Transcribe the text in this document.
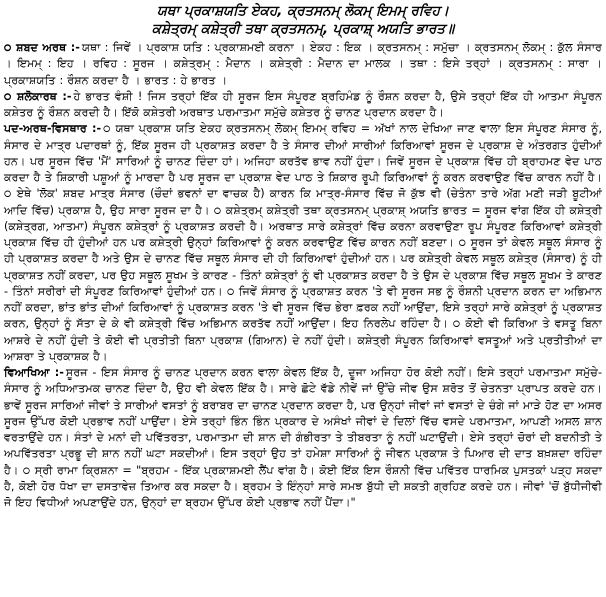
ਯਥਾ ਪ੍ਰਕਾਸ਼ਯਤਿ ਏਕਹ, ਕ੍ਰਤਸਨਮ੍ ਲੋਕਮ੍ ਇਮਮ੍ ਰਵਿਹ।
ਕਸ਼ੇਤ੍ਰਮ੍ ਕਸ਼ੇਤ੍ਰੀ ਤਥਾ ਕ੍ਰਤਸਨਮ੍, ਪ੍ਰਕਾਸ਼੍ ਅਯਤਿ ਭਾਰਤ॥
੦ ਸ਼ਬਦ ਅਰਥ :- ਯਥਾ : ਜਿਵੇਂ । ਪ੍ਰਕਾਸ਼ ਯਤਿ : ਪ੍ਰਕਾਸ਼ਮਈ ਕਰਨਾ । ਏਕਹ : ਇਕ । ਕ੍ਰਤਸਨਮ੍ : ਸਮੁੱਚਾ । ਕ੍ਰਤਸਨਮ੍ ਲੋਕਮ੍ : ਕੁੱਲ ਸੰਸਾਰ । ਇਮਮ੍ : ਇਹ । ਰਵਿਹ : ਸੂਰਜ । ਕਸ਼ੇਤ੍ਰਮ੍ : ਮੈਦਾਨ । ਕਸ਼ੇਤ੍ਰੀ : ਮੈਦਾਨ ਦਾ ਮਾਲਕ । ਤਥਾ : ਇਸੇ ਤਰ੍ਹਾਂ । ਕ੍ਰਤਸਨਮ੍ : ਸਾਰਾ । ਪ੍ਰਕਾਸ਼ਯਤਿ : ਰੌਸ਼ਨ ਕਰਦਾ ਹੈ । ਭਾਰਤ : ਹੇ ਭਾਰਤ ।
੦ ਸ਼ਲੋਕਾਰਥ :- ਹੇ ਭਾਰਤ ਵੰਸ਼ੀ ! ਜਿਸ ਤਰ੍ਹਾਂ ਇੱਕ ਹੀ ਸੂਰਜ ਇਸ ਸੰਪੂਰਣ ਬ੍ਰਹਿਮੰਡ ਨੂੰ ਰੌਸ਼ਨ ਕਰਦਾ ਹੈ, ਉਸੇ ਤਰ੍ਹਾਂ ਇੱਕ ਹੀ ਆਤਮਾ ਸੰਪੂਰਨ ਕਸ਼ੇਤਰ ਨੂੰ ਰੌਸ਼ਨ ਕਰਦੀ ਹੈ। ਇੱਕੋ ਕਸ਼ੇਤਰੀ ਅਰਥਾਤ ਪਰਮਾਤਮਾ ਸਮੁੱਚੇ ਕਸ਼ੇਤਰ ਨੂੰ ਚਾਨਣ ਪ੍ਰਦਾਨ ਕਰਦਾ ਹੈ।
ਪਦ-ਅਰਥ-ਵਿਸਥਾਰ :- ੦ ਯਥਾ ਪ੍ਰਕਾਸ਼ ਯਤਿ ਏਕਹ ਕ੍ਰਤਸਨਮ੍ ਲੋਕਮ੍ ਇਮਮ੍ ਰਵਿਹ = ਅੱਖਾਂ ਨਾਲ ਦੇਖਿਆ ਜਾਣ ਵਾਲਾ ਇਸ ਸੰਪੂਰਣ ਸੰਸਾਰ ਨੂੰ, ਸੰਸਾਰ ਦੇ ਮਾਤ੍ਰ ਪਦਾਰਥਾਂ ਨੂੰ, ਇੱਕ ਸੂਰਜ ਹੀ ਪ੍ਰਕਾਸ਼ਤ ਕਰਦਾ ਹੈ ਤੇ ਸੰਸਾਰ ਦੀਆਂ ਸਾਰੀਆਂ ਕਿਰਿਆਵਾਂ ਸੂਰਜ ਦੇ ਪ੍ਰਕਾਸ਼ ਦੇ ਅੰਤਰਗਤ ਹੁੰਦੀਆਂ ਹਨ। ਪਰ ਸੂਰਜ ਵਿੱਚ 'ਮੈਂ' ਸਾਰਿਆਂ ਨੂੰ ਚਾਨਣ ਦਿੰਦਾ ਹਾਂ। ਅਜਿਹਾ ਕਰਤੱਵ ਭਾਵ ਨਹੀਂ ਹੁੰਦਾ। ਜਿਵੇਂ ਸੂਰਜ ਦੇ ਪ੍ਰਕਾਸ਼ ਵਿੱਚ ਹੀ ਬ੍ਰਾਹਮਣ ਵੇਦ ਪਾਠ ਕਰਦਾ ਹੈ ਤੇ ਸ਼ਿਕਾਰੀ ਪਸ਼ੂਆਂ ਨੂੰ ਮਾਰਦਾ ਹੈ ਪਰ ਸੂਰਜ ਦਾ ਪ੍ਰਕਾਸ਼ ਵੇਦ ਪਾਠ ਤੇ ਸ਼ਿਕਾਰ ਰੂਪੀ ਕਿਰਿਆਵਾਂ ਨੂੰ ਕਰਨ ਕਰਵਾਉਣ ਵਿੱਚ ਕਾਰਨ ਨਹੀਂ ਹੈ। ੦ ਏਥੇ 'ਲੋਕ' ਸ਼ਬਦ ਮਾਤ੍ਰ ਸੰਸਾਰ (ਚੌਦਾਂ ਭਵਨਾਂ ਦਾ ਵਾਚਕ ਹੈ) ਕਾਰਨ ਕਿ ਮਾਤ੍ਰ-ਸੰਸਾਰ ਵਿੱਚ ਜੋ ਕੁੱਝ ਵੀ (ਚੇਤੰਨਾ ਤਾਰੇ ਅੱਗ ਮਣੀ ਜੜੀ ਬੂਟੀਆਂ ਆਦਿ ਵਿੱਚ) ਪ੍ਰਕਾਸ਼ ਹੈ, ਉਹ ਸਾਰਾ ਸੂਰਜ ਦਾ ਹੈ। ੦ ਕਸ਼ੇਤ੍ਰਮ੍ ਕਸ਼ੇਤ੍ਰੀ ਤਥਾ ਕ੍ਰਤਸਨਮ੍ ਪ੍ਰਕਾਸ਼੍ ਅਯਤਿ ਭਾਰਤ = ਸੂਰਜ ਵਾਂਗ ਇੱਕ ਹੀ ਕਸ਼ੇਤ੍ਰੀ (ਕਸ਼ੇਤ੍ਰਗ, ਆਤਮਾ) ਸੰਪੂਰਨ ਕਸ਼ੇਤ੍ਰਾਂ ਨੂੰ ਪ੍ਰਕਾਸ਼ਤ ਕਰਦੀ ਹੈ। ਅਰਥਾਤ ਸਾਰੇ ਕਸ਼ੇਤ੍ਰਾਂ ਵਿੱਚ ਕਰਨਾ ਕਰਵਾਉਣਾ ਰੂਪ ਸੰਪੂਰਣ ਕਿਰਿਆਵਾਂ ਕਸ਼ੇਤ੍ਰੀ ਪ੍ਰਕਾਸ਼ ਵਿੱਚ ਹੀ ਹੁੰਦੀਆਂ ਹਨ ਪਰ ਕਸ਼ੇਤ੍ਰੀ ਉਨ੍ਹਾਂ ਕਿਰਿਆਵਾਂ ਨੂੰ ਕਰਨ ਕਰਵਾਉਣ ਵਿੱਚ ਕਾਰਨ ਨਹੀਂ ਬਣਦਾ। ੦ ਸੂਰਜ ਤਾਂ ਕੇਵਲ ਸਥੂਲ ਸੰਸਾਰ ਨੂੰ ਹੀ ਪ੍ਰਕਾਸ਼ਤ ਕਰਦਾ ਹੈ ਅਤੇ ਉਸ ਦੇ ਚਾਨਣ ਵਿੱਚ ਸਥੂਲ ਸੰਸਾਰ ਦੀ ਹੀ ਕਿਰਿਆਵਾਂ ਹੁੰਦੀਆਂ ਹਨ। ਪਰ ਕਸ਼ੇਤ੍ਰੀ ਕੇਵਲ ਸਥੂਲ ਕਸ਼ੇਤ੍ਰ (ਸੰਸਾਰ) ਨੂੰ ਹੀ ਪ੍ਰਕਾਸ਼ਤ ਨਹੀਂ ਕਰਦਾ, ਪਰ ਉਹ ਸਥੂਲ ਸੂਖਮ ਤੇ ਕਾਰਣ - ਤਿੰਨਾਂ ਕਸ਼ੇਤ੍ਰਾਂ ਨੂੰ ਵੀ ਪ੍ਰਕਾਸ਼ਤ ਕਰਦਾ ਹੈ ਤੇ ਉਸ ਦੇ ਪ੍ਰਕਾਸ਼ ਵਿੱਚ ਸਥੂਲ ਸੂਖਮ ਤੇ ਕਾਰਣ - ਤਿੰਨਾਂ ਸਰੀਰਾਂ ਦੀ ਸੰਪੂਰਣ ਕਿਰਿਆਵਾਂ ਹੁੰਦੀਆਂ ਹਨ। ੦ ਜਿਵੇਂ ਸੰਸਾਰ ਨੂੰ ਪ੍ਰਕਾਸ਼ਤ ਕਰਨ 'ਤੇ ਵੀ ਸੂਰਜ ਸਭ ਨੂੰ ਰੌਸ਼ਨੀ ਪ੍ਰਦਾਨ ਕਰਨ ਦਾ ਅਭਿਮਾਨ ਨਹੀਂ ਕਰਦਾ, ਭਾਂਤ ਭਾਂਤ ਦੀਆਂ ਕਿਰਿਆਵਾਂ ਨੂੰ ਪ੍ਰਕਾਸ਼ਤ ਕਰਨ 'ਤੇ ਵੀ ਸੂਰਜ ਵਿੱਚ ਭੇਰਾ ਫ਼ਰਕ ਨਹੀਂ ਆਉਂਦਾ, ਇਸੇ ਤਰ੍ਹਾਂ ਸਾਰੇ ਕਸ਼ੇਤ੍ਰਾਂ ਨੂੰ ਪ੍ਰਕਾਸ਼ਤ ਕਰਨ, ਉਨ੍ਹਾਂ ਨੂੰ ਸੱਤਾ ਦੇ ਕੇ ਵੀ ਕਸ਼ੇਤ੍ਰੀ ਵਿੱਚ ਅਭਿਮਾਨ ਕਰਤੱਵ ਨਹੀਂ ਆਉਂਦਾ। ਇਹ ਨਿਰਲੇਪ ਰਹਿੰਦਾ ਹੈ। ੦ ਕੋਈ ਵੀ ਕਿਰਿਆ ਤੇ ਵਸਤੂ ਬਿਨਾ ਆਸ਼ਰੇ ਦੇ ਨਹੀਂ ਹੁੰਦੀ ਤੇ ਕੋਈ ਵੀ ਪ੍ਰਤੀਤੀ ਬਿਨਾ ਪ੍ਰਕਾਸ਼ (ਗਿਆਨ) ਦੇ ਨਹੀਂ ਹੁੰਦੀ। ਕਸ਼ੇਤ੍ਰੀ ਸੰਪੂਰਨ ਕਿਰਿਆਵਾਂ ਵਸਤੂਆਂ ਅਤੇ ਪ੍ਰਤੀਤੀਆਂ ਦਾ ਆਸ਼ਰਾ ਤੇ ਪ੍ਰਕਾਸ਼ਕ ਹੈ।
ਵਿਆਖਿਆ :- ਸੂਰਜ - ਇਸ ਸੰਸਾਰ ਨੂੰ ਚਾਨਣ ਪ੍ਰਦਾਨ ਕਰਨ ਵਾਲਾ ਕੇਵਲ ਇੱਕ ਹੈ, ਦੂਜਾ ਅਜਿਹਾ ਹੋਰ ਕੋਈ ਨਹੀਂ। ਇਸੇ ਤਰ੍ਹਾਂ ਪਰਮਾਤਮਾ ਸਮੁੱਚੇ-ਸੰਸਾਰ ਨੂੰ ਅਧਿਆਤਮਕ ਚਾਨਣ ਦਿੰਦਾ ਹੈ, ਉਹ ਵੀ ਕੇਵਲ ਇੱਕ ਹੈ। ਸਾਰੇ ਛੋਟੇ ਵੱਡੇ ਨੀਵੇਂ ਜਾਂ ਉੱਚੇ ਜੀਵ ਉਸ ਸ਼ਰੋਤ ਤੋਂ ਚੇਤਨਤਾ ਪ੍ਰਾਪਤ ਕਰਦੇ ਹਨ। ਭਾਵੇਂ ਸੂਰਜ ਸਾਰਿਆਂ ਜੀਵਾਂ ਤੇ ਸਾਰੀਆਂ ਵਸਤਾਂ ਨੂੰ ਬਰਾਬਰ ਦਾ ਚਾਨਣ ਪ੍ਰਦਾਨ ਕਰਦਾ ਹੈ, ਪਰ ਉਨ੍ਹਾਂ ਜੀਵਾਂ ਜਾਂ ਵਸਤਾਂ ਦੇ ਚੰਗੇ ਜਾਂ ਮਾੜੇ ਹੋਣ ਦਾ ਅਸਰ ਸੂਰਜ ਉੱਪਰ ਕੋਈ ਪ੍ਰਭਾਵ ਨਹੀਂ ਪਾਉਂਦਾ। ਏਸੇ ਤਰ੍ਹਾਂ ਭਿੰਨ ਭਿੰਨ ਪ੍ਰਕਾਰ ਦੇ ਅਸੰਖਾਂ ਜੀਵਾਂ ਦੇ ਦਿਲਾਂ ਵਿੱਚ ਵਸਦੇ ਪਰਮਾਤਮਾ, ਆਪਣੀ ਅਸਲ ਸ਼ਾਨ ਵਰਤਾਉਂਦੇ ਹਨ। ਸੰਤਾਂ ਦੇ ਮਨਾਂ ਦੀ ਪਵਿੱਤਰਤਾ, ਪਰਮਾਤਮਾ ਦੀ ਸ਼ਾਨ ਦੀ ਗੰਭੀਰਤਾ ਤੇ ਤੀਬਰਤਾ ਨੂੰ ਨਹੀਂ ਘਟਾਉਂਦੀ। ਏਸੇ ਤਰ੍ਹਾਂ ਚੋਰਾਂ ਦੀ ਬਦਨੀਤੀ ਤੇ ਅਪਵਿੱਤਰਤਾ ਪ੍ਰਭੂ ਦੀ ਸ਼ਾਨ ਨਹੀਂ ਘਟਾ ਸਕਦੀਆਂ। ਇਸ ਤਰ੍ਹਾਂ ਉਹ ਤਾਂ ਹਮੇਸ਼ਾ ਸਾਰਿਆਂ ਨੂੰ ਜੀਵਨ ਪ੍ਰਕਾਸ਼ ਤੇ ਪਿਆਰ ਦੀ ਦਾਤ ਬਖ਼ਸ਼ਦਾ ਰਹਿੰਦਾ ਹੈ। ੦ ਸ੍ਰੀ ਰਾਮਾ ਕ੍ਰਿਸ਼ਨਾ = "ਬ੍ਰਹਮ - ਇੱਕ ਪ੍ਰਕਾਸ਼ਮਈ ਲੈਂਪ ਵਾਂਗ ਹੈ। ਕੋਈ ਇੱਕ ਇਸ ਰੌਸ਼ਨੀ ਵਿੱਚ ਪਵਿੱਤਰ ਧਾਰਮਿਕ ਪੁਸਤਕਾਂ ਪੜ੍ਹ ਸਕਦਾ ਹੈ, ਕੋਈ ਹੋਰ ਧੋਖਾ ਦਾ ਦਸਤਾਵੇਜ਼ ਤਿਆਰ ਕਰ ਸਕਦਾ ਹੈ। ਬ੍ਰਹਮ ਤੇ ਇੰਨ੍ਹਾਂ ਸਾਰੇ ਸਮਝ ਬੁੱਧੀ ਦੀ ਸ਼ਕਤੀ ਗ੍ਰਹਿਣ ਕਰਦੇ ਹਨ। ਜੀਵਾਂ 'ਚੋਂ ਬੁੱਧੀਜੀਵੀ ਜੋ ਇਹ ਵਿਧੀਆਂ ਅਪਣਾਉਂਦੇ ਹਨ, ਉਨ੍ਹਾਂ ਦਾ ਬ੍ਰਹਮ ਉੱਪਰ ਕੋਈ ਪ੍ਰਭਾਵ ਨਹੀਂ ਪੈਂਦਾ।"
